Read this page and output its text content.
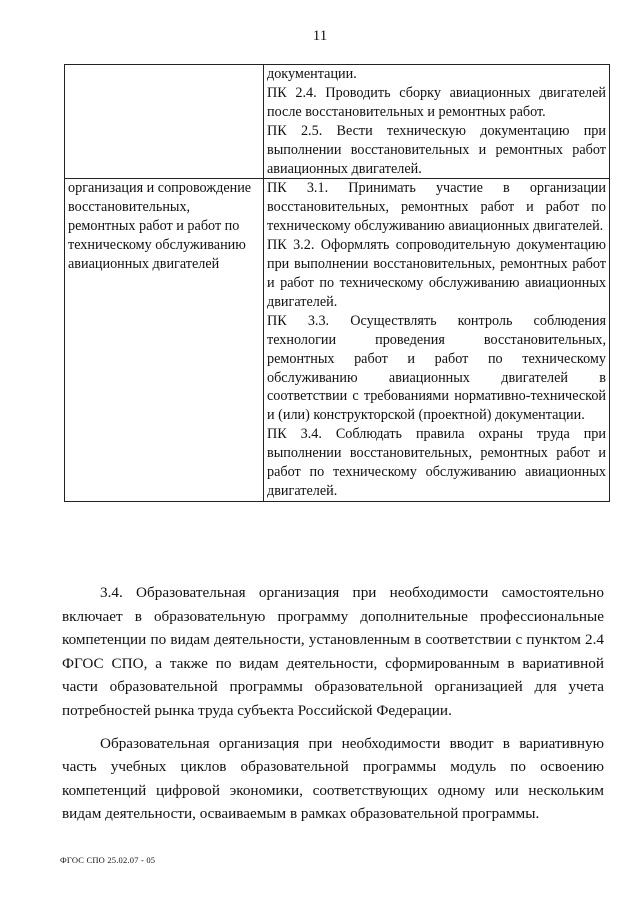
11

	документации.
ПК 2.4. Проводить сборку авиационных двигателей после восстановительных и ремонтных работ.
ПК 2.5. Вести техническую документацию при выполнении восстановительных и ремонтных работ авиационных двигателей.

организация и сопровождение восстановительных, ремонтных работ и работ по техническому обслуживанию авиационных двигателей	ПК 3.1. Принимать участие в организации восстановительных, ремонтных работ и работ по техническому обслуживанию авиационных двигателей.
ПК 3.2. Оформлять сопроводительную документацию при выполнении восстановительных, ремонтных работ и работ по техническому обслуживанию авиационных двигателей.
ПК 3.3. Осуществлять контроль соблюдения технологии проведения восстановительных, ремонтных работ и работ по техническому обслуживанию авиационных двигателей в соответствии с требованиями нормативно-технической и (или) конструкторской (проектной) документации.
ПК 3.4. Соблюдать правила охраны труда при выполнении восстановительных, ремонтных работ и работ по техническому обслуживанию авиационных двигателей.

3.4. Образовательная организация при необходимости самостоятельно включает в образовательную программу дополнительные профессиональные компетенции по видам деятельности, установленным в соответствии с пунктом 2.4 ФГОС СПО, а также по видам деятельности, сформированным в вариативной части образовательной программы образовательной организацией для учета потребностей рынка труда субъекта Российской Федерации.

Образовательная организация при необходимости вводит в вариативную часть учебных циклов образовательной программы модуль по освоению компетенций цифровой экономики, соответствующих одному или нескольким видам деятельности, осваиваемым в рамках образовательной программы.

ФГОС СПО 25.02.07 - 05
